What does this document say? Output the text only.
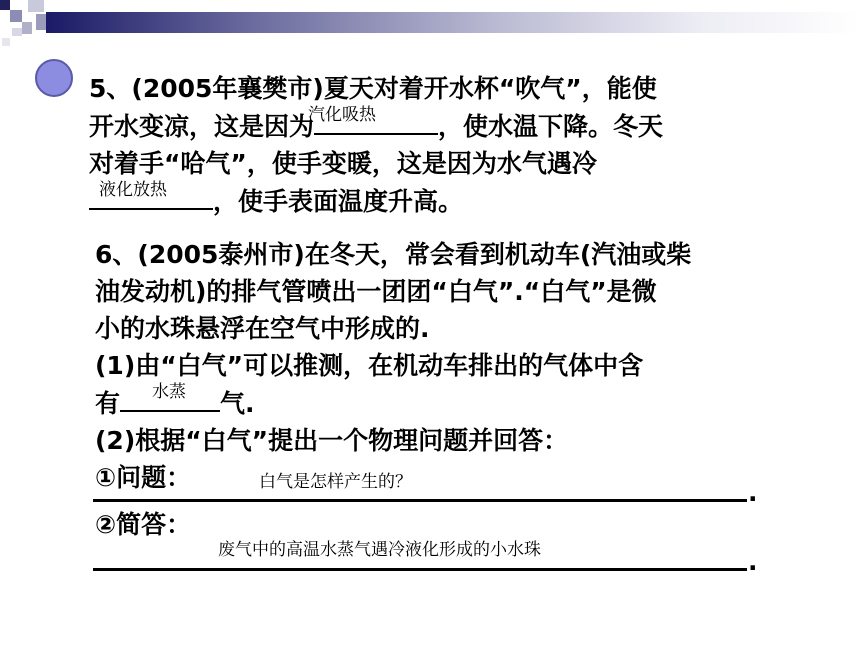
5、(2005年襄樊市)夏天对着开水杯“吹气”，能使
开水变凉，这是因为
汽化吸热 ，使水温下降。冬天
对着手“哈气”，使手变暖，这是因为水气遇冷
液化放热 ，使手表面温度升高。
6、(2005泰州市)在冬天，常会看到机动车(汽油或柴
油发动机)的排气管喷出一团团“白气”.“白气”是微
小的水珠悬浮在空气中形成的.
(1)由“白气”可以推测，在机动车排出的气体中含
有 水蒸 气.
(2)根据“白气”提出一个物理问题并回答：
①问题：	白气是怎样产生的？	.
②简答：
废气中的高温水蒸气遇冷液化形成的小水珠	.
